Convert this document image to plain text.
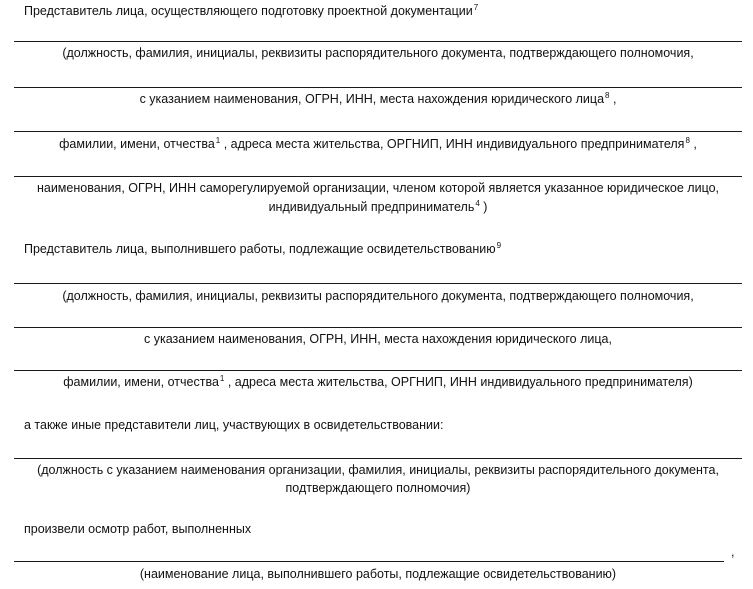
Представитель лица, осуществляющего подготовку проектной документации$^7$
(должность, фамилия, инициалы, реквизиты распорядительного документа, подтверждающего полномочия,
с указанием наименования, ОГРН, ИНН, места нахождения юридического лица$^8$ ,
фамилии, имени, отчества$^1$ , адреса места жительства, ОРГНИП, ИНН индивидуального предпринимателя$^8$ ,
наименования, ОГРН, ИНН саморегулируемой организации, членом которой является указанное юридическое лицо,
индивидуальный предприниматель$^4$ )
Представитель лица, выполнившего работы, подлежащие освидетельствованию$^9$
(должность, фамилия, инициалы, реквизиты распорядительного документа, подтверждающего полномочия,
с указанием наименования, ОГРН, ИНН, места нахождения юридического лица,
фамилии, имени, отчества$^1$ , адреса места жительства, ОРГНИП, ИНН индивидуального предпринимателя)
а также иные представители лиц, участвующих в освидетельствовании:
(должность с указанием наименования организации, фамилия, инициалы, реквизиты распорядительного документа,
подтверждающего полномочия)
произвели осмотр работ, выполненных
,
(наименование лица, выполнившего работы, подлежащие освидетельствованию)
